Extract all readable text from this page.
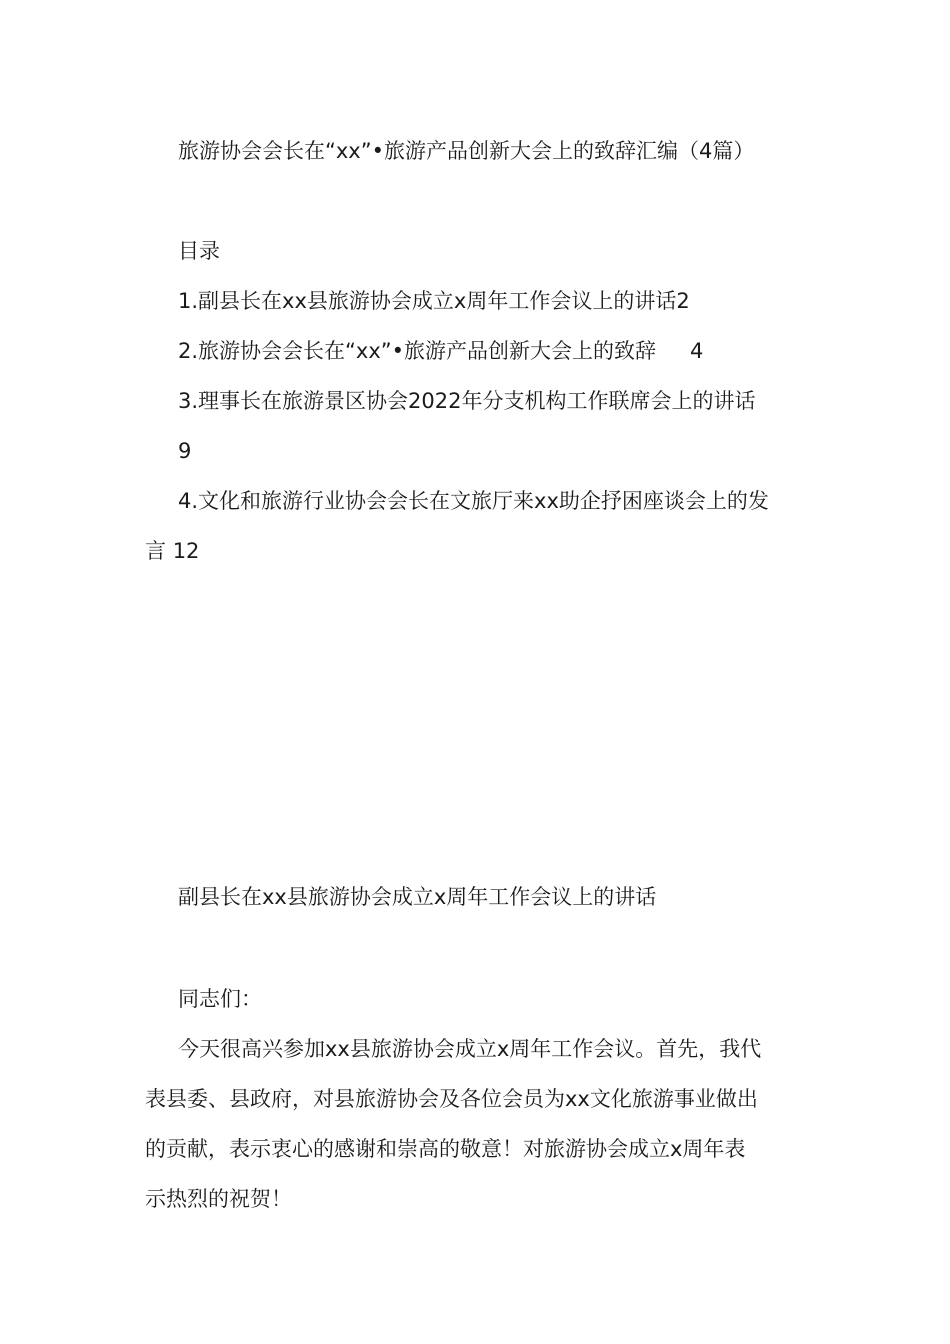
旅游协会会长在“xx”•旅游产品创新大会上的致辞汇编（4篇）
目录
1.副县长在xx县旅游协会成立x周年工作会议上的讲话2
2.旅游协会会长在“xx”•旅游产品创新大会上的致辞 4
3.理事长在旅游景区协会2022年分支机构工作联席会上的讲话
9
4.文化和旅游行业协会会长在文旅厅来xx助企抒困座谈会上的发
言 12
副县长在xx县旅游协会成立x周年工作会议上的讲话
同志们：
今天很高兴参加xx县旅游协会成立x周年工作会议。首先，我代
表县委、县政府，对县旅游协会及各位会员为xx文化旅游事业做出
的贡献，表示衷心的感谢和崇高的敬意！对旅游协会成立x周年表
示热烈的祝贺！
